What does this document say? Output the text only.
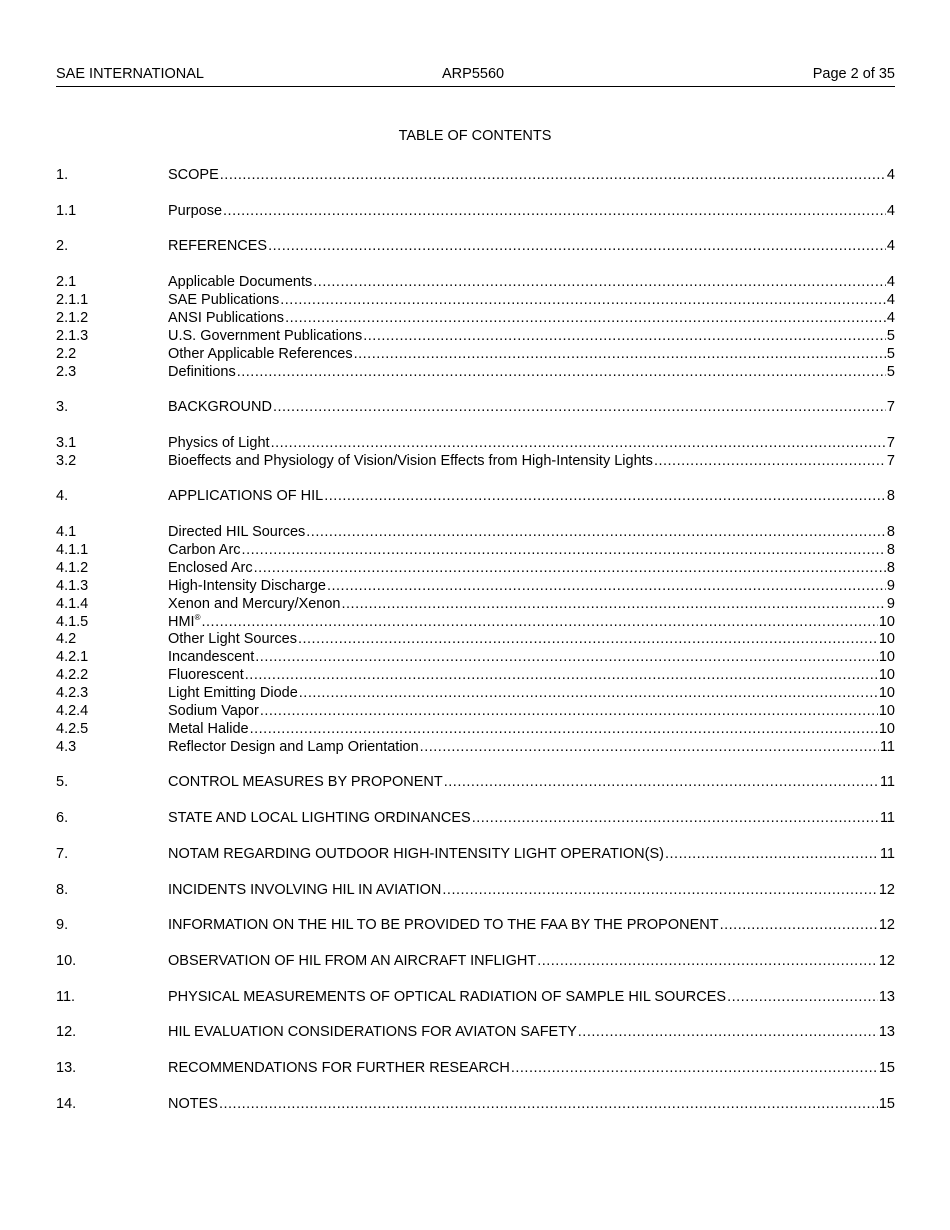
SAE INTERNATIONAL	ARP5560	Page 2 of 35
TABLE OF CONTENTS
1.	SCOPE .....	4
1.1	Purpose .....	4
2.	REFERENCES .....	4
2.1	Applicable Documents .....	4
2.1.1	SAE Publications .....	4
2.1.2	ANSI Publications .....	4
2.1.3	U.S. Government Publications .....	5
2.2	Other Applicable References .....	5
2.3	Definitions .....	5
3.	BACKGROUND .....	7
3.1	Physics of Light .....	7
3.2	Bioeffects and Physiology of Vision/Vision Effects from High-Intensity Lights .....	7
4.	APPLICATIONS OF HIL .....	8
4.1	Directed HIL Sources .....	8
4.1.1	Carbon Arc .....	8
4.1.2	Enclosed Arc .....	8
4.1.3	High-Intensity Discharge .....	9
4.1.4	Xenon and Mercury/Xenon .....	9
4.1.5	HMI® .....	10
4.2	Other Light Sources .....	10
4.2.1	Incandescent .....	10
4.2.2	Fluorescent .....	10
4.2.3	Light Emitting Diode .....	10
4.2.4	Sodium Vapor .....	10
4.2.5	Metal Halide .....	10
4.3	Reflector Design and Lamp Orientation .....	11
5.	CONTROL MEASURES BY PROPONENT .....	11
6.	STATE AND LOCAL LIGHTING ORDINANCES .....	11
7.	NOTAM REGARDING OUTDOOR HIGH-INTENSITY LIGHT OPERATION(S) .....	11
8.	INCIDENTS INVOLVING HIL IN AVIATION .....	12
9.	INFORMATION ON THE HIL TO BE PROVIDED TO THE FAA BY THE PROPONENT .....	12
10.	OBSERVATION OF HIL FROM AN AIRCRAFT INFLIGHT .....	12
11.	PHYSICAL MEASUREMENTS OF OPTICAL RADIATION OF SAMPLE HIL SOURCES .....	13
12.	HIL EVALUATION CONSIDERATIONS FOR AVIATON SAFETY .....	13
13.	RECOMMENDATIONS FOR FURTHER RESEARCH .....	15
14.	NOTES .....	15
